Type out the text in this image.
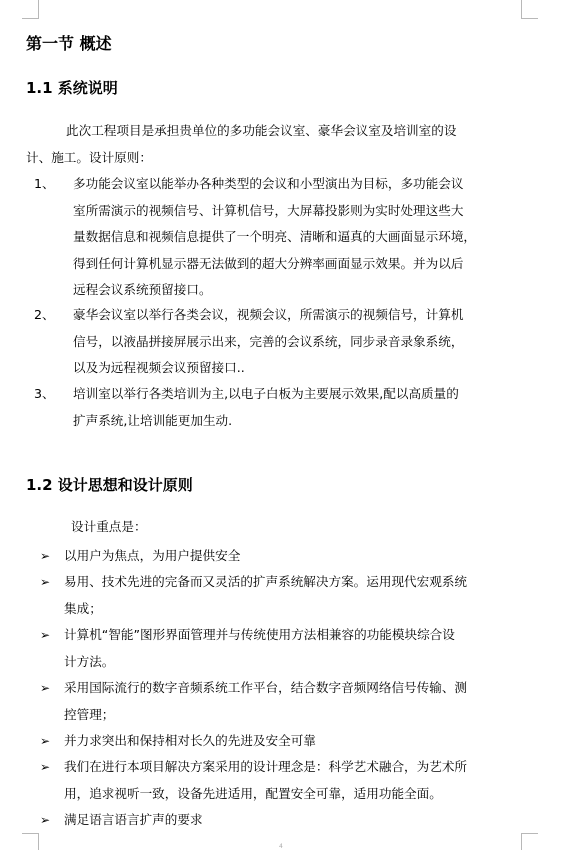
第一节 概述
1.1 系统说明
此次工程项目是承担贵单位的多功能会议室、豪华会议室及培训室的设
计、施工。设计原则：
1、 多功能会议室以能举办各种类型的会议和小型演出为目标，多功能会议
室所需演示的视频信号、计算机信号，大屏幕投影则为实时处理这些大
量数据信息和视频信息提供了一个明亮、清晰和逼真的大画面显示环境，
得到任何计算机显示器无法做到的超大分辨率画面显示效果。并为以后
远程会议系统预留接口。
2、 豪华会议室以举行各类会议，视频会议，所需演示的视频信号，计算机
信号，以液晶拼接屏展示出来，完善的会议系统，同步录音录象系统，
以及为远程视频会议预留接口..
3、 培训室以举行各类培训为主,以电子白板为主要展示效果,配以高质量的
扩声系统,让培训能更加生动.
1.2 设计思想和设计原则
设计重点是：
➢ 以用户为焦点，为用户提供安全
➢ 易用、技术先进的完备而又灵活的扩声系统解决方案。运用现代宏观系统
集成；
➢ 计算机“智能”图形界面管理并与传统使用方法相兼容的功能模块综合设
计方法。
➢ 采用国际流行的数字音频系统工作平台，结合数字音频网络信号传输、测
控管理；
➢ 并力求突出和保持相对长久的先进及安全可靠
➢ 我们在进行本项目解决方案采用的设计理念是：科学艺术融合，为艺术所
用，追求视听一致，设备先进适用，配置安全可靠，适用功能全面。
➢ 满足语言语言扩声的要求
4
